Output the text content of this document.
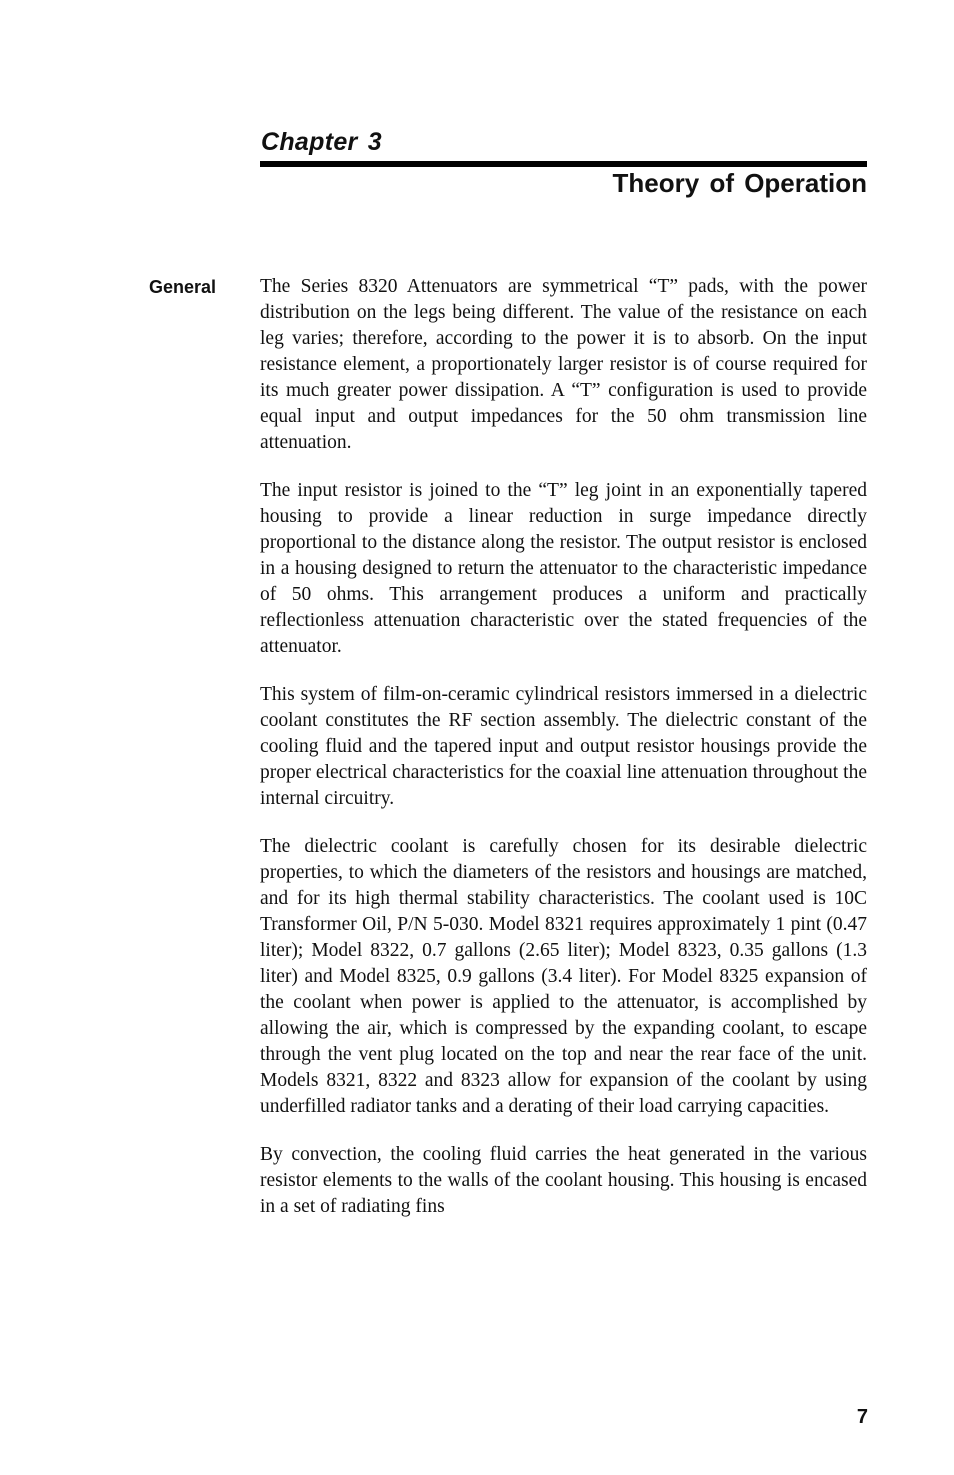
Chapter 3
Theory of Operation
General The Series 8320 Attenuators are symmetrical “T” pads, with the power distribution on the legs being different. The value of the resistance on each leg varies; therefore, according to the power it is to absorb. On the input resistance element, a proportionately larger resistor is of course required for its much greater power dissipation. A “T” configuration is used to provide equal input and output impedances for the 50 ohm transmission line attenuation.

The input resistor is joined to the “T” leg joint in an exponentially tapered housing to provide a linear reduction in surge impedance directly proportional to the distance along the resistor. The output resistor is enclosed in a housing designed to return the attenuator to the characteristic impedance of 50 ohms. This arrangement produces a uniform and practically reflectionless attenuation characteristic over the stated frequencies of the attenuator.

This system of film-on-ceramic cylindrical resistors immersed in a dielectric coolant constitutes the RF section assembly. The dielectric constant of the cooling fluid and the tapered input and output resistor housings provide the proper electrical characteristics for the coaxial line attenuation throughout the internal circuitry.

The dielectric coolant is carefully chosen for its desirable dielectric properties, to which the diameters of the resistors and housings are matched, and for its high thermal stability characteristics. The coolant used is 10C Transformer Oil, P/N 5-030. Model 8321 requires approximately 1 pint (0.47 liter); Model 8322, 0.7 gallons (2.65 liter); Model 8323, 0.35 gallons (1.3 liter) and Model 8325, 0.9 gallons (3.4 liter). For Model 8325 expansion of the coolant when power is applied to the attenuator, is accomplished by allowing the air, which is compressed by the expanding coolant, to escape through the vent plug located on the top and near the rear face of the unit. Models 8321, 8322 and 8323 allow for expansion of the coolant by using underfilled radiator tanks and a derating of their load carrying capacities.

By convection, the cooling fluid carries the heat generated in the various resistor elements to the walls of the coolant housing. This housing is encased in a set of radiating fins

7
